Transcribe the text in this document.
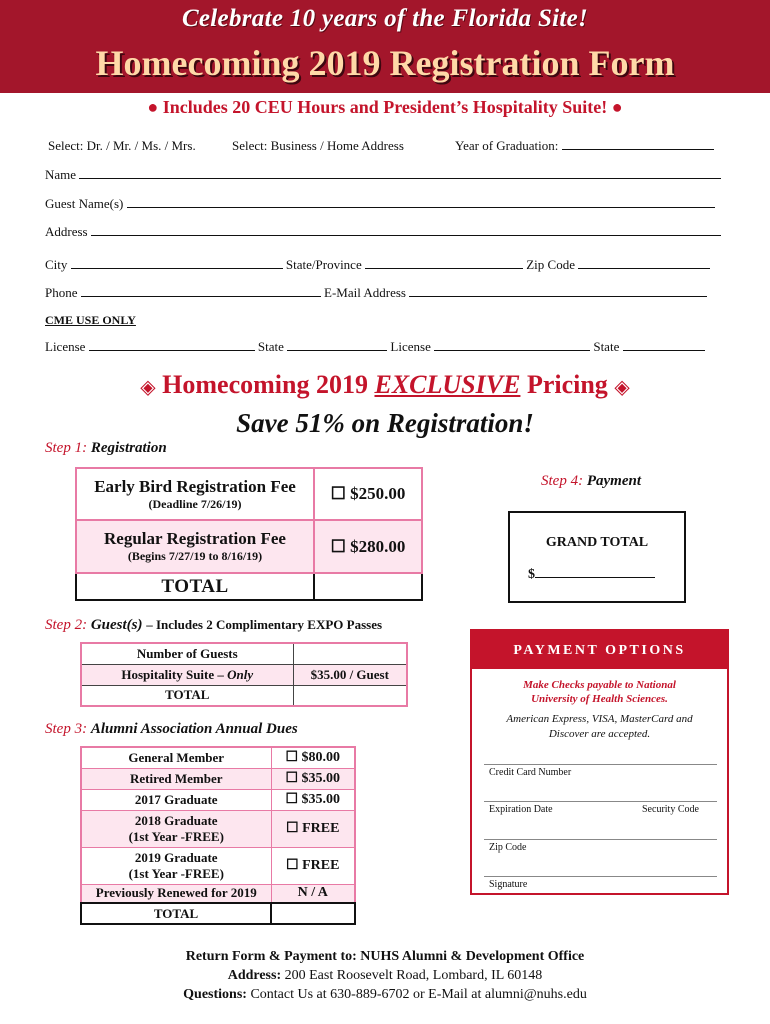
Celebrate 10 years of the Florida Site!
Homecoming 2019 Registration Form
● Includes 20 CEU Hours and President’s Hospitality Suite! ●
Select: Dr. / Mr. / Ms. / Mrs.	Select: Business / Home Address	Year of Graduation:
Name
Guest Name(s)
Address
City	State/Province	Zip Code
Phone	E-Mail Address
CME USE ONLY
License	State	License	State
◈ Homecoming 2019 EXCLUSIVE Pricing ◈
Save 51% on Registration!
Step 1: Registration
Early Bird Registration Fee
(Deadline 7/26/19)	☐ $250.00

Regular Registration Fee
(Begins 7/27/19 to 8/16/19)	☐ $280.00
TOTAL	
Step 2: Guest(s) – Includes 2 Complimentary EXPO Passes
Number of Guests	
Hospitality Suite – Only	$35.00 / Guest
TOTAL	
Step 3: Alumni Association Annual Dues
General Member	☐ $80.00
Retired Member	☐ $35.00
2017 Graduate	☐ $35.00

2018 Graduate
(1st Year -FREE)	☐ FREE

2019 Graduate
(1st Year -FREE)	☐ FREE
Previously Renewed for 2019	N / A
TOTAL	
Step 4: Payment
GRAND TOTAL
$
PAYMENT OPTIONS
Make Checks payable to National University of Health Sciences.
American Express, VISA, MasterCard and Discover are accepted.
Credit Card Number
Expiration Date	Security Code
Zip Code
Signature
Return Form & Payment to: NUHS Alumni & Development Office
Address: 200 East Roosevelt Road, Lombard, IL 60148
Questions: Contact Us at 630-889-6702 or E-Mail at alumni@nuhs.edu
